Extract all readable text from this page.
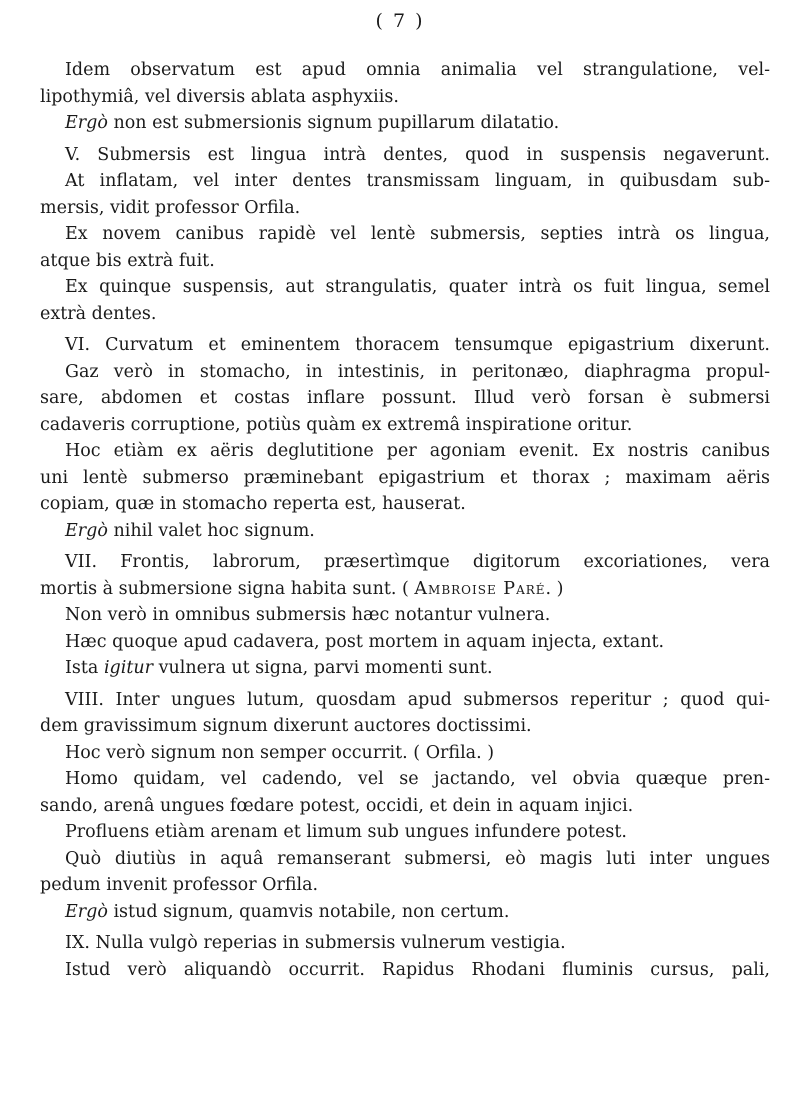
( 7 )
Idem observatum est apud omnia animalia vel strangulatione, vel-
lipothymiâ, vel diversis ablata asphyxiis.
Ergò non est submersionis signum pupillarum dilatatio.
V. Submersis est lingua intrà dentes, quod in suspensis negaverunt.
At inflatam, vel inter dentes transmissam linguam, in quibusdam sub-
mersis, vidit professor Orfila.
Ex novem canibus rapidè vel lentè submersis, septies intrà os lingua,
atque bis extrà fuit.
Ex quinque suspensis, aut strangulatis, quater intrà os fuit lingua, semel
extrà dentes.
VI. Curvatum et eminentem thoracem tensumque epigastrium dixerunt.
Gaz verò in stomacho, in intestinis, in peritonæo, diaphragma propul-
sare, abdomen et costas inflare possunt. Illud verò forsan è submersi
cadaveris corruptione, potiùs quàm ex extremâ inspiratione oritur.
Hoc etiàm ex aëris deglutitione per agoniam evenit. Ex nostris canibus
uni lentè submerso præminebant epigastrium et thorax ; maximam aëris
copiam, quæ in stomacho reperta est, hauserat.
Ergò nihil valet hoc signum.
VII. Frontis, labrorum, præsertìmque digitorum excoriationes, vera
mortis à submersione signa habita sunt. ( Ambroise Paré. )
Non verò in omnibus submersis hæc notantur vulnera.
Hæc quoque apud cadavera, post mortem in aquam injecta, extant.
Ista igitur vulnera ut signa, parvi momenti sunt.
VIII. Inter ungues lutum, quosdam apud submersos reperitur ; quod qui-
dem gravissimum signum dixerunt auctores doctissimi.
Hoc verò signum non semper occurrit. ( Orfila. )
Homo quidam, vel cadendo, vel se jactando, vel obvia quæque pren-
sando, arenâ ungues fœdare potest, occidi, et dein in aquam injici.
Profluens etiàm arenam et limum sub ungues infundere potest.
Quò diutiùs in aquâ remanserant submersi, eò magis luti inter ungues
pedum invenit professor Orfila.
Ergò istud signum, quamvis notabile, non certum.
IX. Nulla vulgò reperias in submersis vulnerum vestigia.
Istud verò aliquandò occurrit. Rapidus Rhodani fluminis cursus, pali,
